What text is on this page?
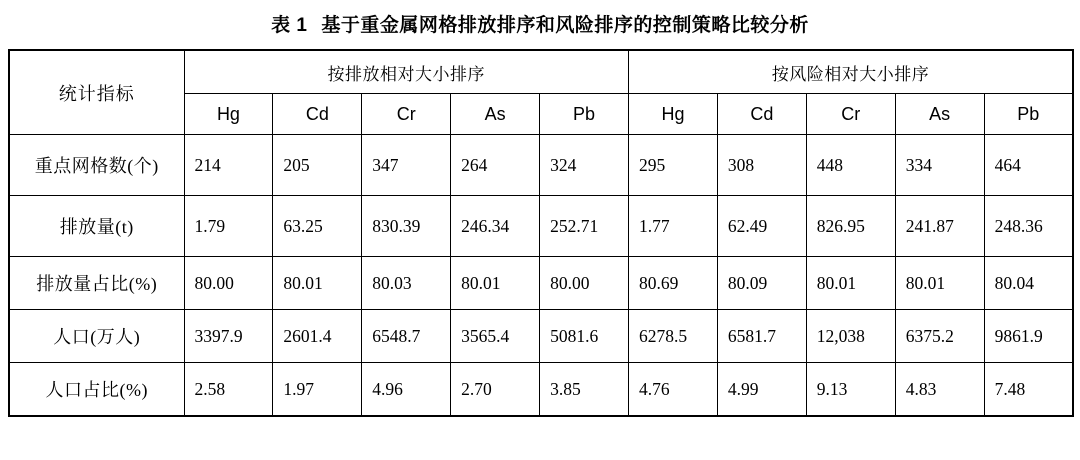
表 1 基于重金属网格排放排序和风险排序的控制策略比较分析
统计指标	按排放相对大小排序					按风险相对大小排序				
	Hg	Cd	Cr	As	Pb	Hg	Cd	Cr	As	Pb
重点网格数(个)	214	205	347	264	324	295	308	448	334	464
排放量(t)	1.79	63.25	830.39	246.34	252.71	1.77	62.49	826.95	241.87	248.36
排放量占比(%)	80.00	80.01	80.03	80.01	80.00	80.69	80.09	80.01	80.01	80.04
人口(万人)	3397.9	2601.4	6548.7	3565.4	5081.6	6278.5	6581.7	12,038	6375.2	9861.9
人口占比(%)	2.58	1.97	4.96	2.70	3.85	4.76	4.99	9.13	4.83	7.48
